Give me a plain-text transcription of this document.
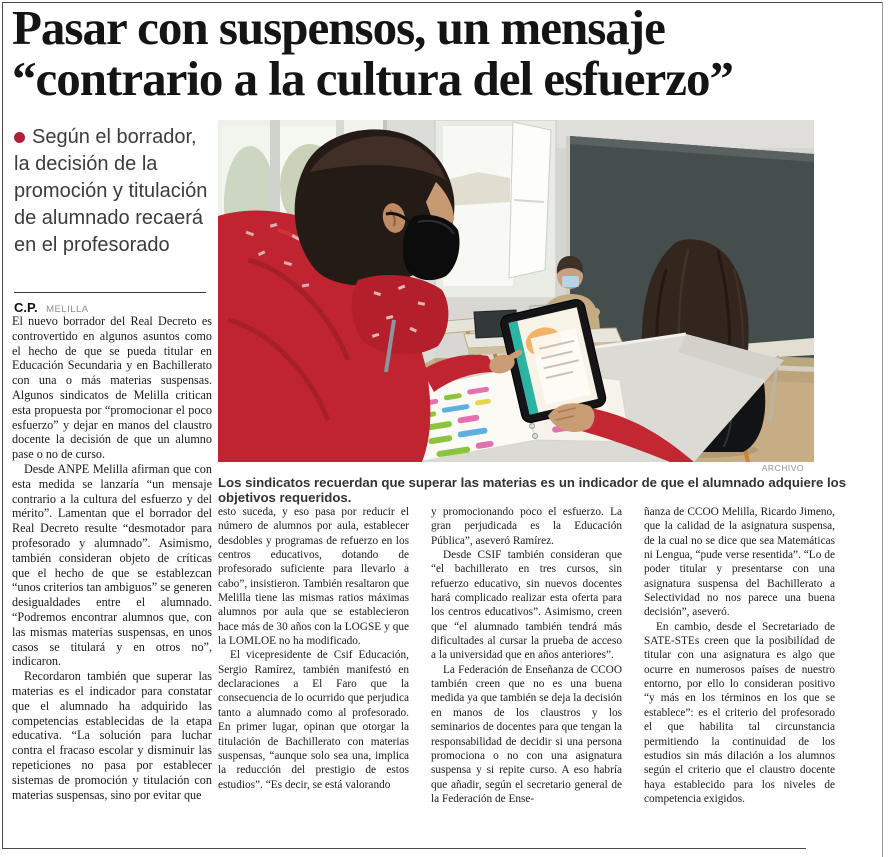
Pasar con suspensos, un mensaje “contrario a la cultura del esfuerzo”
Según el borrador, la decisión de la promoción y titulación de alumnado recaerá en el profesorado
C.P. MELILLA

El nuevo borrador del Real Decreto es controvertido en algunos asuntos como el hecho de que se pueda titular en Educación Secundaria y en Bachillerato con una o más materias suspensas. Algunos sindicatos de Melilla critican esta propuesta por “promocionar el poco esfuerzo” y dejar en manos del claustro docente la decisión de que un alumno pase o no de curso.

Desde ANPE Melilla afirman que con esta medida se lanzaría “un mensaje contrario a la cultura del esfuerzo y del mérito”. Lamentan que el borrador del Real Decreto resulte “desmotador para profesorado y alumnado”. Asimismo, también consideran objeto de críticas que el hecho de que se establezcan “unos criterios tan ambiguos” se generen desigualdades entre el alumnado. “Podremos encontrar alumnos que, con las mismas materias suspensas, en unos casos se titulará y en otros no”, indicaron.

Recordaron también que superar las materias es el indicador para constatar que el alumnado ha adquirido las competencias establecidas de la etapa educativa. “La solución para luchar contra el fracaso escolar y disminuir las repeticiones no pasa por establecer sistemas de promoción y titulación con materias suspensas, sino por evitar que

ARCHIVO
Los sindicatos recuerdan que superar las materias es un indicador de que el alumnado adquiere los objetivos requeridos.

esto suceda, y eso pasa por reducir el número de alumnos por aula, establecer desdobles y programas de refuerzo en los centros educativos, dotando de profesorado suficiente para llevarlo a cabo”, insistieron. También resaltaron que Melilla tiene las mismas ratios máximas alumnos por aula que se establecieron hace más de 30 años con la LOGSE y que la LOMLOE no ha modificado.

El vicepresidente de Csif Educación, Sergio Ramírez, también manifestó en declaraciones a El Faro que la consecuencia de lo ocurrido que perjudica tanto a alumnado como al profesorado. En primer lugar, opinan que otorgar la titulación de Bachillerato con materias suspensas, “aunque solo sea una, implica la reducción del prestigio de estos estudios”. “Es decir, se está valorando

y promocionando poco el esfuerzo. La gran perjudicada es la Educación Pública”, aseveró Ramírez.

Desde CSIF también consideran que “el bachillerato en tres cursos, sin refuerzo educativo, sin nuevos docentes hará complicado realizar esta oferta para los centros educativos”. Asimismo, creen que “el alumnado también tendrá más dificultades al cursar la prueba de acceso a la universidad que en años anteriores”.

La Federación de Enseñanza de CCOO también creen que no es una buena medida ya que también se deja la decisión en manos de los claustros y los seminarios de docentes para que tengan la responsabilidad de decidir si una persona promociona o no con una asignatura suspensa y si repite curso. A eso habría que añadir, según el secretario general de la Federación de Ense-

ñanza de CCOO Melilla, Ricardo Jimeno, que la calidad de la asignatura suspensa, de la cual no se dice que sea Matemáticas ni Lengua, “pude verse resentida”. “Lo de poder titular y presentarse con una asignatura suspensa del Bachillerato a Selectividad no nos parece una buena decisión”, aseveró.

En cambio, desde el Secretariado de SATE-STEs creen que la posibilidad de titular con una asignatura es algo que ocurre en numerosos países de nuestro entorno, por ello lo consideran positivo “y más en los términos en los que se establece”: es el criterio del profesorado el que habilita tal circunstancia permitiendo la continuidad de los estudios sin más dilación a los alumnos según el criterio que el claustro docente haya establecido para los niveles de competencia exigidos.
